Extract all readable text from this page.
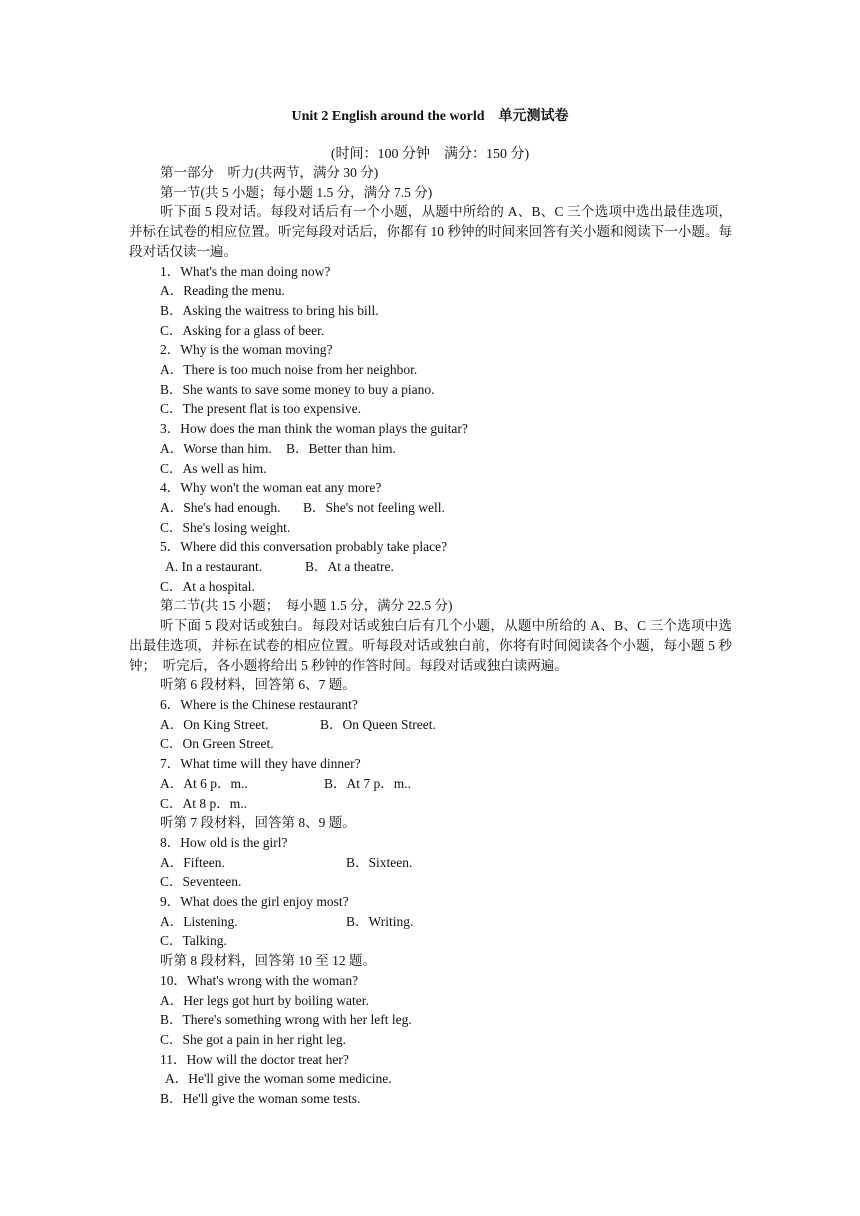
Unit 2 English around the world　单元测试卷
(时间：100 分钟　满分：150 分)
第一部分　听力(共两节，满分 30 分)
第一节(共 5 小题；每小题 1.5 分，满分 7.5 分)
听下面 5 段对话。每段对话后有一个小题，从题中所给的 A、B、C 三个选项中选出最佳选项，并标在试卷的相应位置。听完每段对话后，你都有 10 秒钟的时间来回答有关小题和阅读下一小题。每段对话仅读一遍。
1．What's the man doing now?
A．Reading the menu.
B．Asking the waitress to bring his bill.
C．Asking for a glass of beer.
2．Why is the woman moving?
A．There is too much noise from her neighbor.
B．She wants to save some money to buy a piano.
C．The present flat is too expensive.
3．How does the man think the woman plays the guitar?
A．Worse than him. B．Better than him.
C．As well as him.
4．Why won't the woman eat any more?
A．She's had enough. B．She's not feeling well.
C．She's losing weight.
5．Where did this conversation probably take place?
A. In a restaurant.	B．At a theatre.
C．At a hospital.
第二节(共 15 小题；　每小题 1.5 分，满分 22.5 分)
听下面 5 段对话或独白。每段对话或独白后有几个小题，从题中所给的 A、B、C 三个选项中选出最佳选项，并标在试卷的相应位置。听每段对话或独白前，你将有时间阅读各个小题，每小题 5 秒钟；　听完后，各小题将给出 5 秒钟的作答时间。每段对话或独白读两遍。
听第 6 段材料，回答第 6、7 题。
6．Where is the Chinese restaurant?
A．On King Street.	B．On Queen Street.
C．On Green Street.
7．What time will they have dinner?
A．At 6 p．m..	B．At 7 p．m..
C．At 8 p．m..
听第 7 段材料，回答第 8、9 题。
8．How old is the girl?
A．Fifteen.	B．Sixteen.
C．Seventeen.
9．What does the girl enjoy most?
A．Listening.	B．Writing.
C．Talking.
听第 8 段材料，回答第 10 至 12 题。
10．What's wrong with the woman?
A．Her legs got hurt by boiling water.
B．There's something wrong with her left leg.
C．She got a pain in her right leg.
11．How will the doctor treat her?
A．He'll give the woman some medicine.
B．He'll give the woman some tests.
